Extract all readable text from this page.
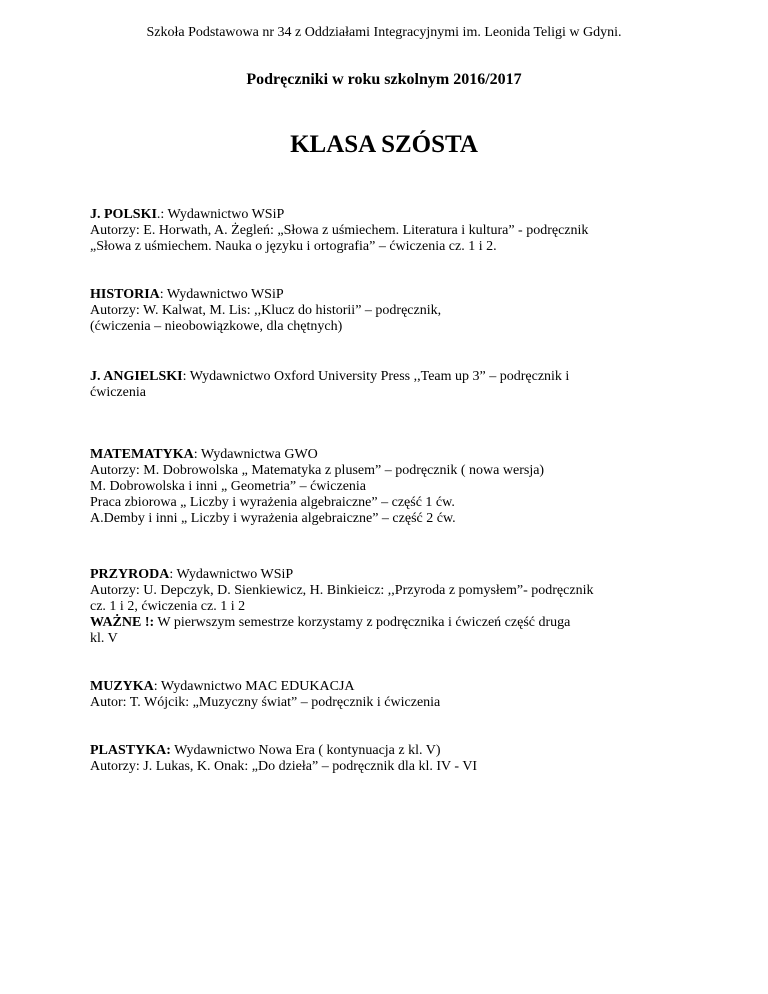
Szkoła Podstawowa nr 34 z Oddziałami Integracyjnymi im. Leonida Teligi w Gdyni.
Podręczniki w roku szkolnym 2016/2017
KLASA SZÓSTA
J. POLSKI.: Wydawnictwo WSiP
Autorzy: E. Horwath, A. Żegleń: „Słowa z uśmiechem. Literatura i kultura” - podręcznik
„Słowa z uśmiechem. Nauka o języku i ortografia” – ćwiczenia cz. 1 i 2.
HISTORIA: Wydawnictwo WSiP
Autorzy: W. Kalwat, M. Lis: ,,Klucz do historii” – podręcznik,
(ćwiczenia – nieobowiązkowe, dla chętnych)
J. ANGIELSKI: Wydawnictwo Oxford University Press ,,Team up 3” – podręcznik i
ćwiczenia
MATEMATYKA: Wydawnictwa GWO
Autorzy: M. Dobrowolska „ Matematyka z plusem” – podręcznik ( nowa wersja)
M. Dobrowolska i inni „ Geometria” – ćwiczenia
Praca zbiorowa „ Liczby i wyrażenia algebraiczne” – część 1 ćw.
A.Demby i inni „ Liczby i wyrażenia algebraiczne” – część 2 ćw.
PRZYRODA: Wydawnictwo WSiP
Autorzy: U. Depczyk, D. Sienkiewicz, H. Binkieicz: ,,Przyroda z pomysłem”- podręcznik
cz. 1 i 2, ćwiczenia cz. 1 i 2
WAŻNE !: W pierwszym semestrze korzystamy z podręcznika i ćwiczeń część druga
kl. V
MUZYKA: Wydawnictwo MAC EDUKACJA
Autor: T. Wójcik: „Muzyczny świat” – podręcznik i ćwiczenia
PLASTYKA: Wydawnictwo Nowa Era ( kontynuacja z kl. V)
Autorzy: J. Lukas, K. Onak: „Do dzieła” – podręcznik dla kl. IV - VI
